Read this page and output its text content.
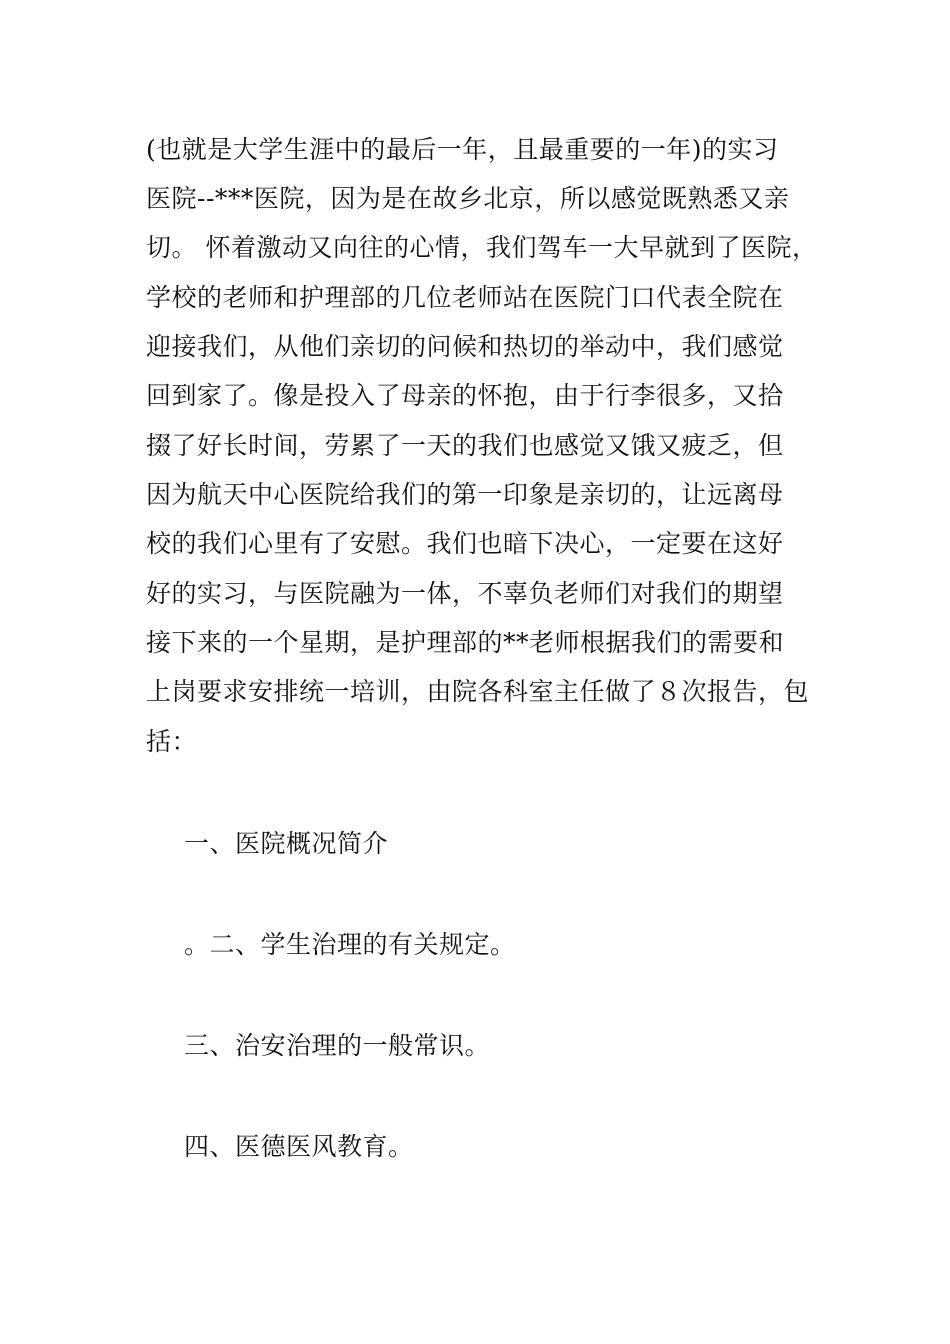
(也就是大学生涯中的最后一年，且最重要的一年)的实习
医院--***医院，因为是在故乡北京，所以感觉既熟悉又亲
切。 怀着激动又向往的心情，我们驾车一大早就到了医院，
学校的老师和护理部的几位老师站在医院门口代表全院在
迎接我们，从他们亲切的问候和热切的举动中，我们感觉
回到家了。像是投入了母亲的怀抱，由于行李很多，又拾
掇了好长时间，劳累了一天的我们也感觉又饿又疲乏，但
因为航天中心医院给我们的第一印象是亲切的，让远离母
校的我们心里有了安慰。我们也暗下决心，一定要在这好
好的实习，与医院融为一体，不辜负老师们对我们的期望
接下来的一个星期，是护理部的**老师根据我们的需要和
上岗要求安排统一培训，由院各科室主任做了８次报告，包
括：
一、医院概况简介
。二、学生治理的有关规定。
三、治安治理的一般常识。
四、医德医风教育。
